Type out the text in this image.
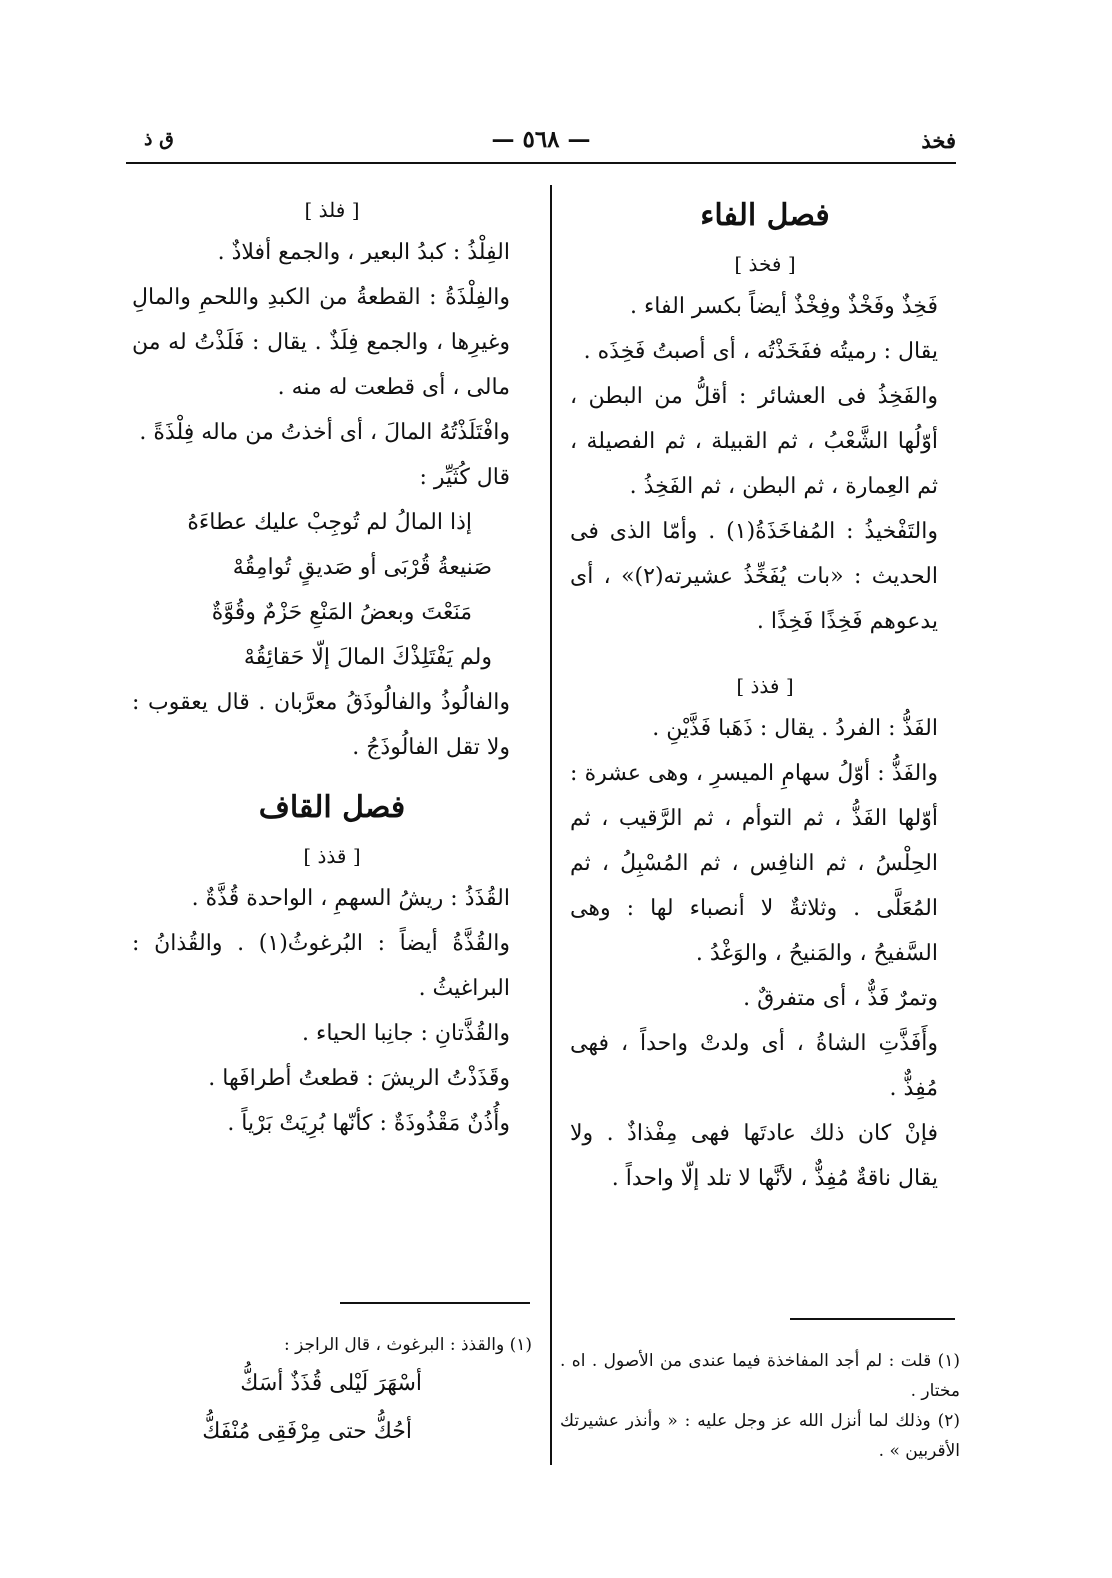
فخذ
— ٥٦٨ —
ق ذ
فصل الفاء
[ فخذ ]

فَخِذٌ وفَخْذٌ وفِخْذٌ أيضاً بكسر الفاء .

يقال : رميتُه ففَخَذْتُه ، أى أصبتُ فَخِذَه .

والفَخِذُ فى العشائر : أقلُّ من البطن ، أوّلُها الشَّعْبُ ، ثم القبيلة ، ثم الفصيلة ، ثم العِمارة ، ثم البطن ، ثم الفَخِذُ .

والتَفْخيذُ : المُفاخَذَةُ(١) . وأمّا الذى فى الحديث : «بات يُفَخِّذُ عشيرته(٢)» ، أى يدعوهم فَخِذًا فَخِذًا .

[ فذذ ]

الفَذُّ : الفردُ . يقال : ذَهَبا فَذَّيْنِ .

والفَذُّ : أوّلُ سهامِ الميسرِ ، وهى عشرة : أوّلها الفَذُّ ، ثم التوأم ، ثم الرَّقيب ، ثم الحِلْسُ ، ثم النافِس ، ثم المُسْبِلُ ، ثم المُعَلَّى . وثلاثةٌ لا أنصباء لها : وهى السَّفيحُ ، والمَنيحُ ، والوَغْدُ .

وتمرٌ فَذٌّ ، أى متفرقٌ .

وأَفَذَّتِ الشاةُ ، أى ولدتْ واحداً ، فهى مُفِذٌّ .

فإنْ كان ذلك عادتَها فهى مِفْذاذٌ . ولا يقال ناقةٌ مُفِذٌّ ، لأنَّها لا تلد إلّا واحداً .

(١) قلت : لم أجد المفاخذة فيما عندى من الأصول . اه . مختار .

(٢) وذلك لما أنزل الله عز وجل عليه : « وأنذر عشيرتك الأقربين » .

[ فلذ ]

الفِلْذُ : كبدُ البعير ، والجمع أفلاذٌ .

والفِلْذَةُ : القطعةُ من الكبدِ واللحمِ والمالِ وغيرِها ، والجمع فِلَذٌ . يقال : فَلَذْتُ له من مالى ، أى قطعت له منه .

وافْتَلَذْتُهُ المالَ ، أى أخذتُ من ماله فِلْذَةً .

قال كُثَيِّر :

إذا المالُ لم تُوجِبْ عليك عطاءَهُ

صَنيعةُ قُرْبَى أو صَديقٍ تُوامِقُهْ

مَنَعْتَ وبعضُ المَنْعِ حَزْمٌ وقُوَّةٌ

ولم يَفْتَلِذْكَ المالَ إلّا حَقائِقُهْ

والفالُوذُ والفالُوذَقُ معرَّبان . قال يعقوب : ولا تقل الفالُوذَجُ .

فصل القاف
[ قذذ ]

القُذَذُ : ريشُ السهمِ ، الواحدة قُذَّةٌ .

والقُذَّةُ أيضاً : البُرغوثُ(١) . والقُذانُ : البراغيثُ .

والقُذَّتانِ : جانِبا الحياء .

وقَذَذْتُ الريشَ : قطعتُ أطرافَها .

وأُذُنٌ مَقْذُوذَةٌ : كأنّها بُرِيَتْ بَرْياً .

(١) والقذذ : البرغوث ، قال الراجز :

أسْهَرَ لَيْلى قُذَذٌ أسَكُّ

أحُكُّ حتى مِرْفَقِى مُنْفَكُّ
